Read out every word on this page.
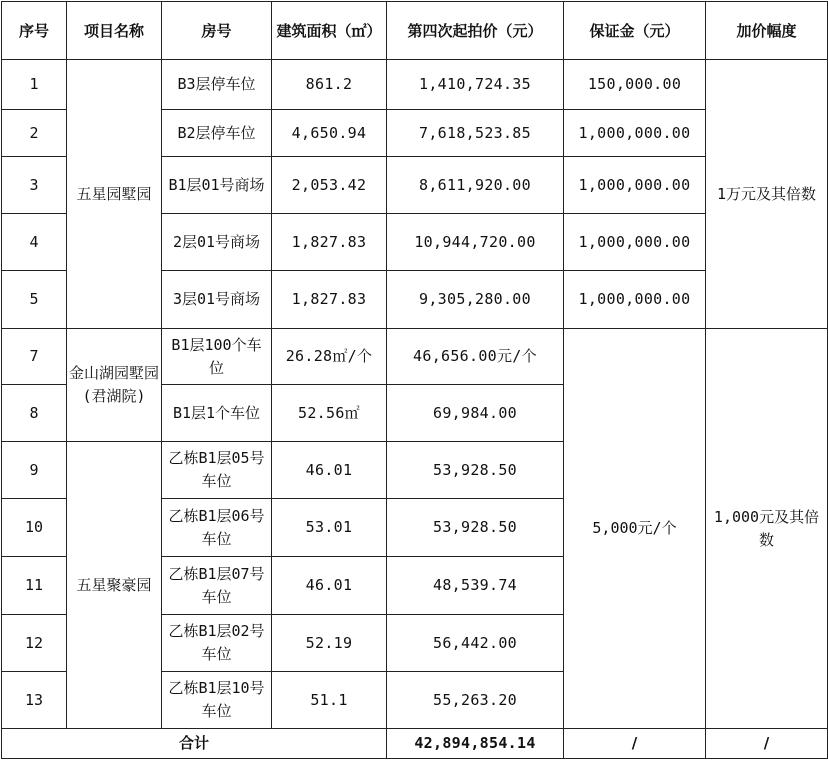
序号	项目名称	房号	建筑面积（㎡）	第四次起拍价（元）	保证金（元）	加价幅度
1	五星园墅园	B3层停车位	861.2	1,410,724.35	150,000.00	1万元及其倍数
2		B2层停车位	4,650.94	7,618,523.85	1,000,000.00	
3		B1层01号商场	2,053.42	8,611,920.00	1,000,000.00	
4		2层01号商场	1,827.83	10,944,720.00	1,000,000.00	
5		3层01号商场	1,827.83	9,305,280.00	1,000,000.00	
7	金山湖园墅园(君湖院)	B1层100个车位	26.28㎡/个	46,656.00元/个	5,000元/个	1,000元及其倍数
8		B1层1个车位	52.56㎡	69,984.00		
9	五星聚豪园	乙栋B1层05号车位	46.01	53,928.50		
10		乙栋B1层06号车位	53.01	53,928.50		
11		乙栋B1层07号车位	46.01	48,539.74		
12		乙栋B1层02号车位	52.19	56,442.00		
13		乙栋B1层10号车位	51.1	55,263.20		
合计				42,894,854.14	/	/
